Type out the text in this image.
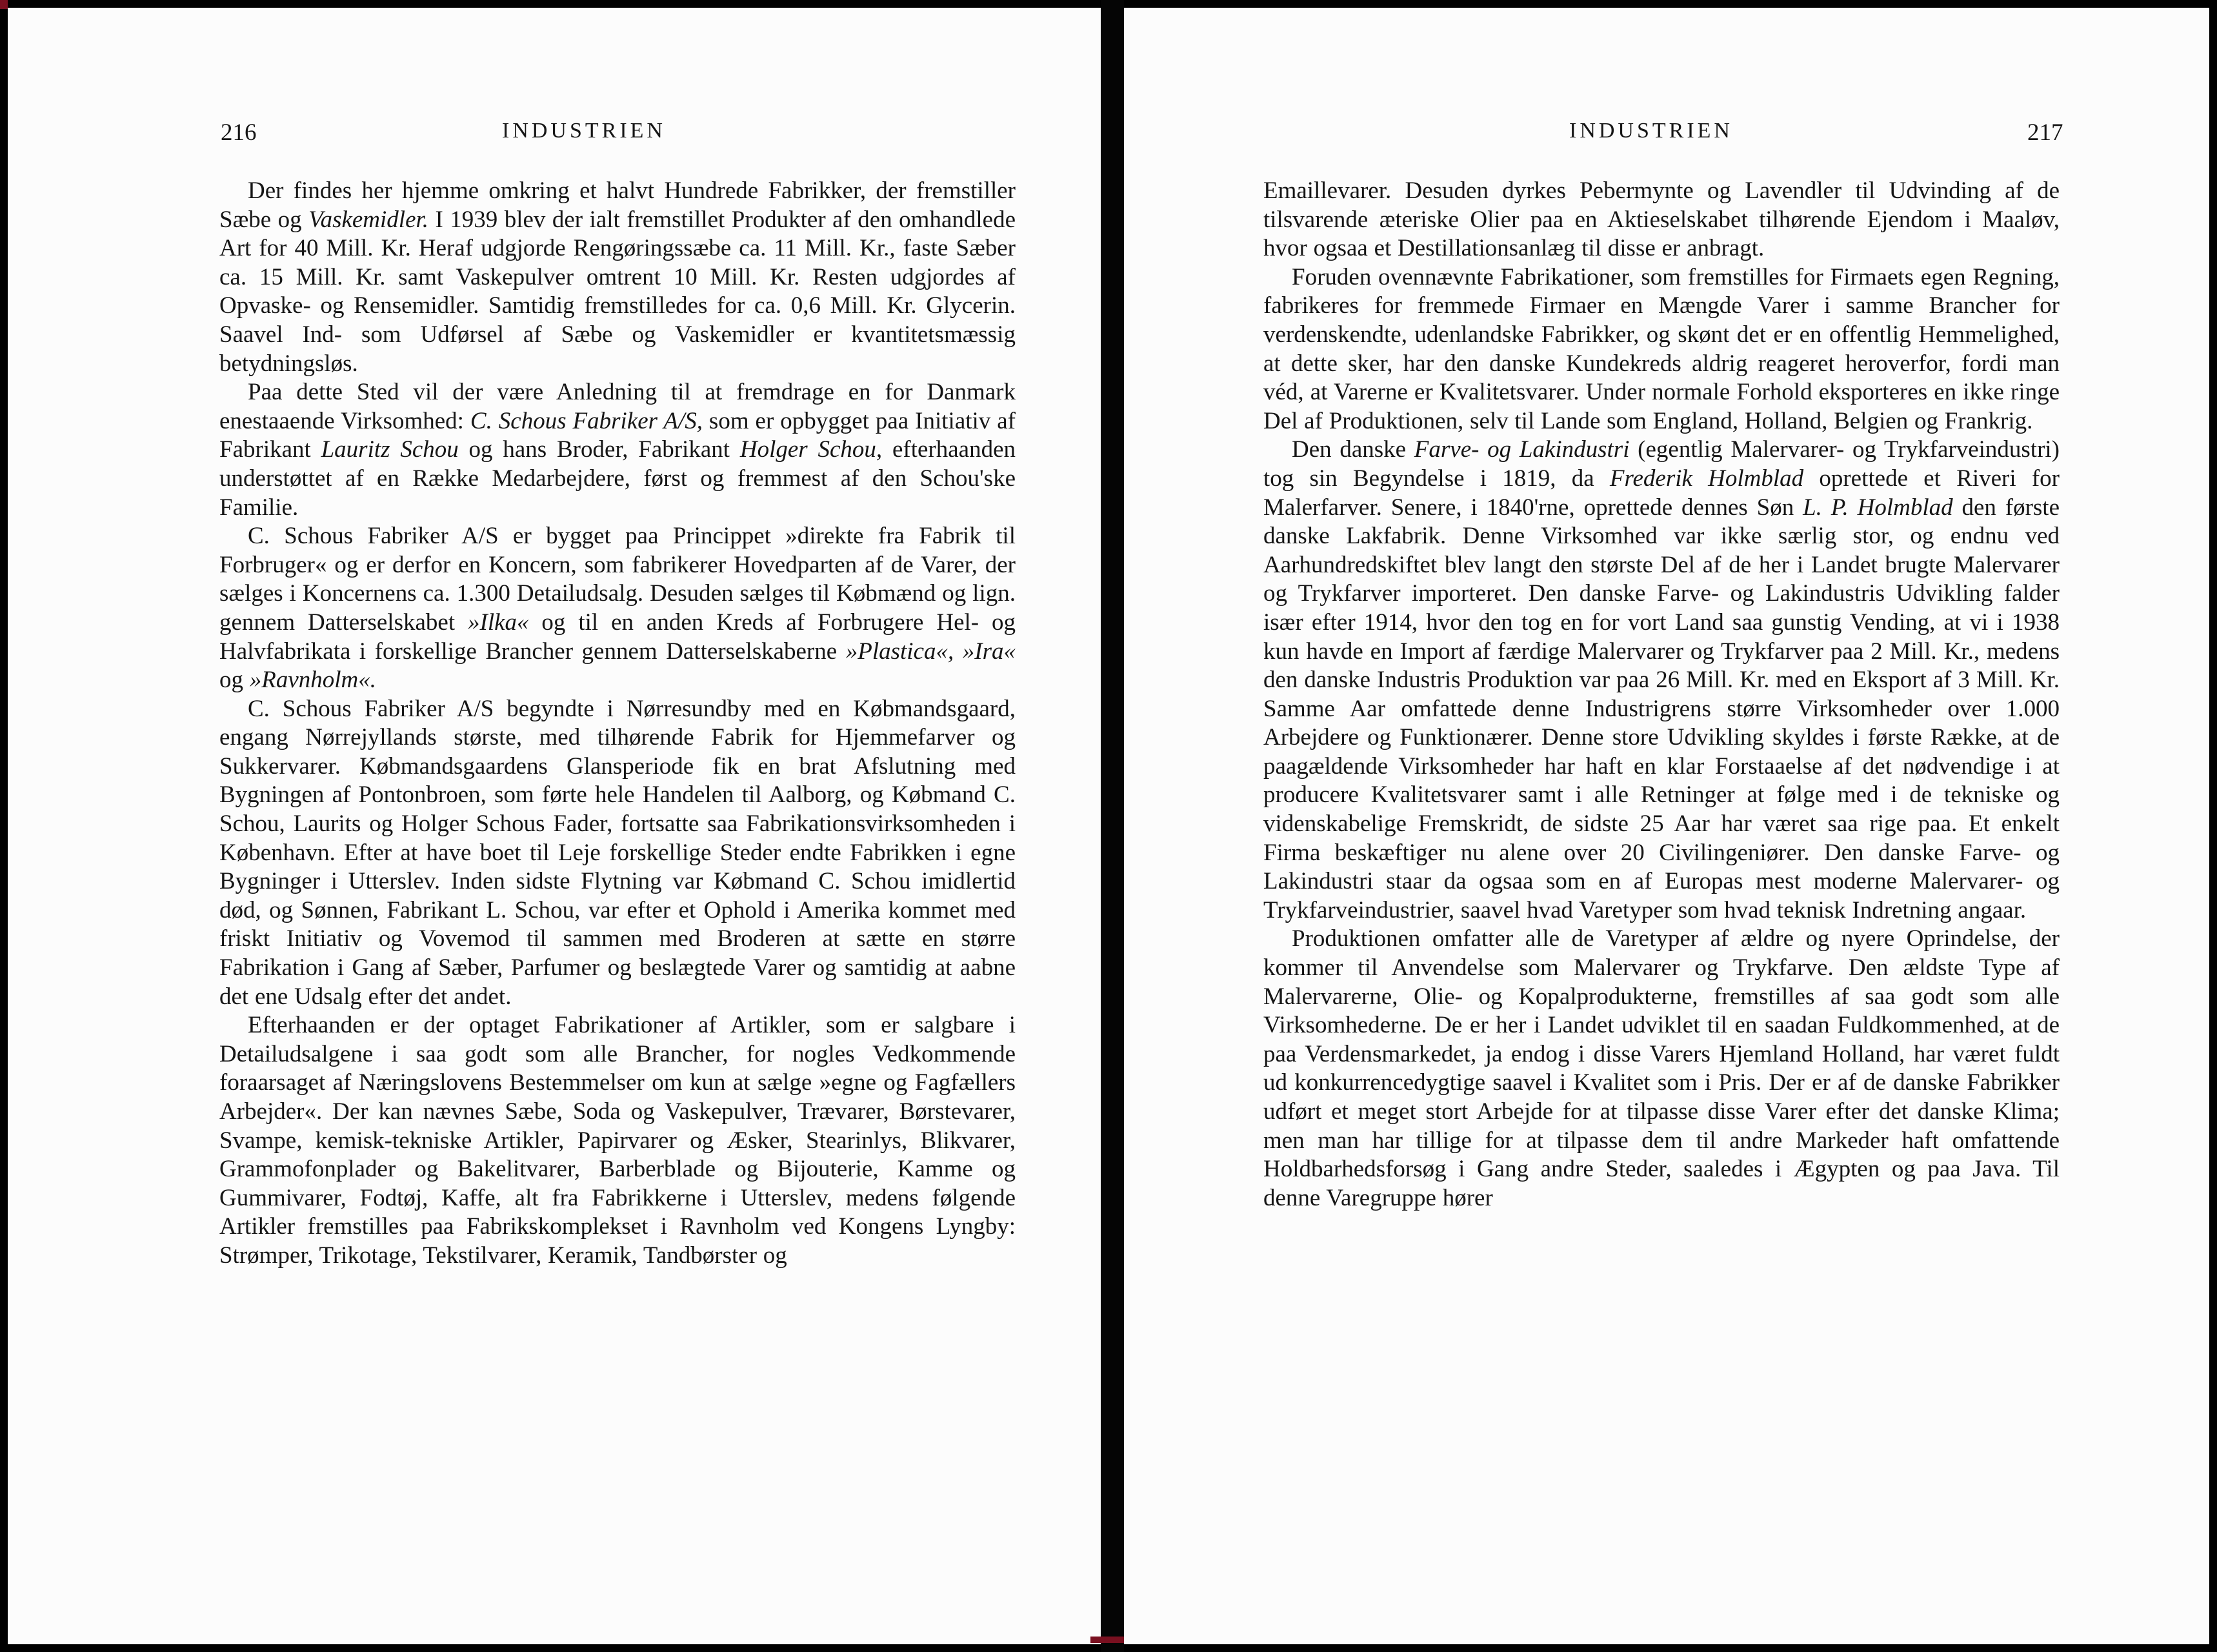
216	INDUSTRIEN

Der findes her hjemme omkring et halvt Hundrede Fabrikker, der fremstiller Sæbe og Vaskemidler. I 1939 blev der ialt fremstillet Produkter af den omhandlede Art for 40 Mill. Kr. Heraf udgjorde Rengøringssæbe ca. 11 Mill. Kr., faste Sæber ca. 15 Mill. Kr. samt Vaskepulver omtrent 10 Mill. Kr. Resten udgjordes af Opvaske- og Rensemidler. Samtidig fremstilledes for ca. 0,6 Mill. Kr. Glycerin. Saavel Ind- som Udførsel af Sæbe og Vaskemidler er kvantitetsmæssig betydningsløs.

Paa dette Sted vil der være Anledning til at fremdrage en for Danmark enestaaende Virksomhed: C. Schous Fabriker A/S, som er opbygget paa Initiativ af Fabrikant Lauritz Schou og hans Broder, Fabrikant Holger Schou, efterhaanden understøttet af en Række Medarbejdere, først og fremmest af den Schou'ske Familie.

C. Schous Fabriker A/S er bygget paa Princippet »direkte fra Fabrik til Forbruger« og er derfor en Koncern, som fabrikerer Hovedparten af de Varer, der sælges i Koncernens ca. 1.300 Detailudsalg. Desuden sælges til Købmænd og lign. gennem Datterselskabet »Ilka« og til en anden Kreds af Forbrugere Hel- og Halvfabrikata i forskellige Brancher gennem Datterselskaberne »Plastica«, »Ira« og »Ravnholm«.

C. Schous Fabriker A/S begyndte i Nørresundby med en Købmandsgaard, engang Nørrejyllands største, med tilhørende Fabrik for Hjemmefarver og Sukkervarer. Købmandsgaardens Glansperiode fik en brat Afslutning med Bygningen af Pontonbroen, som førte hele Handelen til Aalborg, og Købmand C. Schou, Laurits og Holger Schous Fader, fortsatte saa Fabrikationsvirksomheden i København. Efter at have boet til Leje forskellige Steder endte Fabrikken i egne Bygninger i Utterslev. Inden sidste Flytning var Købmand C. Schou imidlertid død, og Sønnen, Fabrikant L. Schou, var efter et Ophold i Amerika kommet med friskt Initiativ og Vovemod til sammen med Broderen at sætte en større Fabrikation i Gang af Sæber, Parfumer og beslægtede Varer og samtidig at aabne det ene Udsalg efter det andet.

Efterhaanden er der optaget Fabrikationer af Artikler, som er salgbare i Detailudsalgene i saa godt som alle Brancher, for nogles Vedkommende foraarsaget af Næringslovens Bestemmelser om kun at sælge »egne og Fagfællers Arbejder«. Der kan nævnes Sæbe, Soda og Vaskepulver, Trævarer, Børstevarer, Svampe, kemisk-tekniske Artikler, Papirvarer og Æsker, Stearinlys, Blikvarer, Grammofonplader og Bakelitvarer, Barberblade og Bijouterie, Kamme og Gummivarer, Fodtøj, Kaffe, alt fra Fabrikkerne i Utterslev, medens følgende Artikler fremstilles paa Fabrikskomplekset i Ravnholm ved Kongens Lyngby: Strømper, Trikotage, Tekstilvarer, Keramik, Tandbørster og

INDUSTRIEN	217

Emaillevarer. Desuden dyrkes Pebermynte og Lavendler til Udvinding af de tilsvarende æteriske Olier paa en Aktieselskabet tilhørende Ejendom i Maaløv, hvor ogsaa et Destillationsanlæg til disse er anbragt.

Foruden ovennævnte Fabrikationer, som fremstilles for Firmaets egen Regning, fabrikeres for fremmede Firmaer en Mængde Varer i samme Brancher for verdenskendte, udenlandske Fabrikker, og skønt det er en offentlig Hemmelighed, at dette sker, har den danske Kundekreds aldrig reageret heroverfor, fordi man véd, at Varerne er Kvalitetsvarer. Under normale Forhold eksporteres en ikke ringe Del af Produktionen, selv til Lande som England, Holland, Belgien og Frankrig.

Den danske Farve- og Lakindustri (egentlig Malervarer- og Trykfarveindustri) tog sin Begyndelse i 1819, da Frederik Holmblad oprettede et Riveri for Malerfarver. Senere, i 1840'rne, oprettede dennes Søn L. P. Holmblad den første danske Lakfabrik. Denne Virksomhed var ikke særlig stor, og endnu ved Aarhundredskiftet blev langt den største Del af de her i Landet brugte Malervarer og Trykfarver importeret. Den danske Farve- og Lakindustris Udvikling falder især efter 1914, hvor den tog en for vort Land saa gunstig Vending, at vi i 1938 kun havde en Import af færdige Malervarer og Trykfarver paa 2 Mill. Kr., medens den danske Industris Produktion var paa 26 Mill. Kr. med en Eksport af 3 Mill. Kr. Samme Aar omfattede denne Industrigrens større Virksomheder over 1.000 Arbejdere og Funktionærer. Denne store Udvikling skyldes i første Række, at de paagældende Virksomheder har haft en klar Forstaaelse af det nødvendige i at producere Kvalitetsvarer samt i alle Retninger at følge med i de tekniske og videnskabelige Fremskridt, de sidste 25 Aar har været saa rige paa. Et enkelt Firma beskæftiger nu alene over 20 Civilingeniører. Den danske Farve- og Lakindustri staar da ogsaa som en af Europas mest moderne Malervarer- og Trykfarveindustrier, saavel hvad Varetyper som hvad teknisk Indretning angaar.

Produktionen omfatter alle de Varetyper af ældre og nyere Oprindelse, der kommer til Anvendelse som Malervarer og Trykfarve. Den ældste Type af Malervarerne, Olie- og Kopalprodukterne, fremstilles af saa godt som alle Virksomhederne. De er her i Landet udviklet til en saadan Fuldkommenhed, at de paa Verdensmarkedet, ja endog i disse Varers Hjemland Holland, har været fuldt ud konkurrencedygtige saavel i Kvalitet som i Pris. Der er af de danske Fabrikker udført et meget stort Arbejde for at tilpasse disse Varer efter det danske Klima; men man har tillige for at tilpasse dem til andre Markeder haft omfattende Holdbarhedsforsøg i Gang andre Steder, saaledes i Ægypten og paa Java. Til denne Varegruppe hører
